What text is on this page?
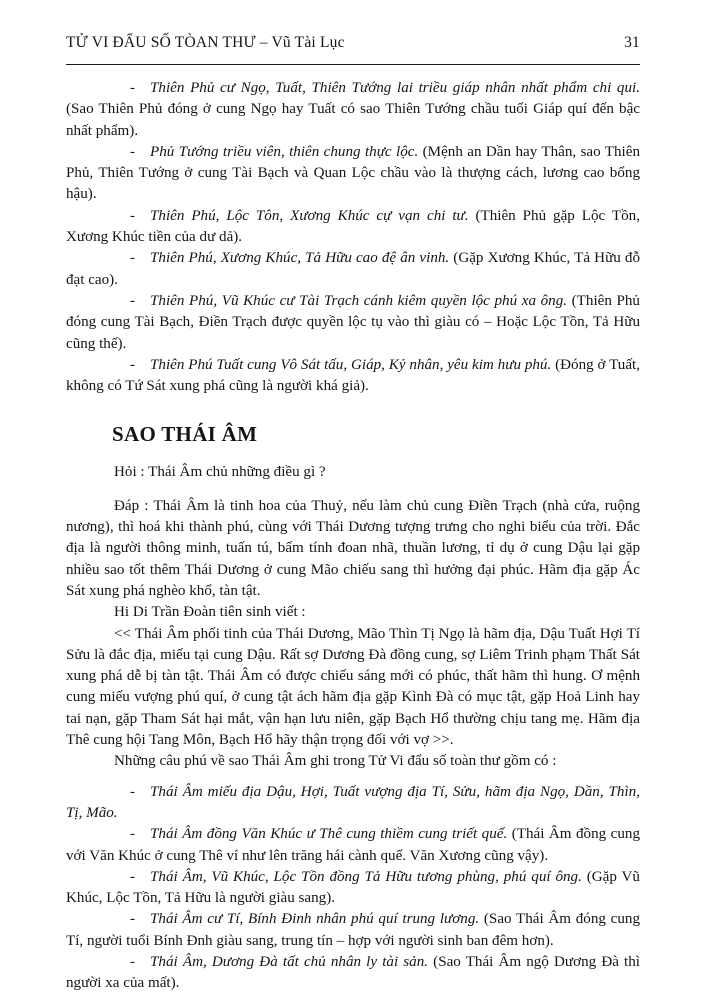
TỬ VI ĐẨU SỐ TÒAN THƯ – Vũ Tài Lục	31

- Thiên Phủ cư Ngọ, Tuất, Thiên Tướng lai triều giáp nhân nhất phẩm chi qui. (Sao Thiên Phủ đóng ở cung Ngọ hay Tuất có sao Thiên Tướng chầu tuổi Giáp quí đến bậc nhất phẩm).

- Phủ Tướng triều viên, thiên chung thực lộc. (Mệnh an Dần hay Thân, sao Thiên Phủ, Thiên Tướng ở cung Tài Bạch và Quan Lộc chầu vào là thượng cách, lương cao bổng hậu).

- Thiên Phú, Lộc Tôn, Xương Khúc cự vạn chi tư. (Thiên Phủ gặp Lộc Tồn, Xương Khúc tiền của dư dả).

- Thiên Phú, Xương Khúc, Tả Hữu cao đệ ân vinh. (Gặp Xương Khúc, Tả Hữu đỗ đạt cao).

- Thiên Phú, Vũ Khúc cư Tài Trạch cánh kiêm quyền lộc phú xa ông. (Thiên Phủ đóng cung Tài Bạch, Điền Trạch được quyền lộc tụ vào thì giàu có – Hoặc Lộc Tồn, Tả Hữu cũng thế).

- Thiên Phú Tuất cung Vô Sát tấu, Giáp, Kỷ nhân, yêu kim hưu phú. (Đóng ở Tuất, không có Tứ Sát xung phá cũng là người khá giả).

SAO THÁI ÂM

Hỏi : Thái Âm chủ những điều gì ?

Đáp : Thái Âm là tinh hoa của Thuỷ, nếu làm chủ cung Điền Trạch (nhà cửa, ruộng nương), thì hoá khi thành phú, cùng với Thái Dương tượng trưng cho nghi biểu của trời. Đắc địa là người thông minh, tuấn tú, bẩm tính đoan nhã, thuần lương, tỉ dụ ở cung Dậu lại gặp nhiều sao tốt thêm Thái Dương ở cung Mão chiếu sang thì hưởng đại phúc. Hãm địa gặp Ác Sát xung phá nghèo khổ, tàn tật.

Hi Di Trần Đoàn tiên sinh viết :

<< Thái Âm phối tinh của Thái Dương, Mão Thìn Tị Ngọ là hãm địa, Dậu Tuất Hợi Tí Sửu là đắc địa, miếu tại cung Dậu. Rất sợ Dương Đà đồng cung, sợ Liêm Trinh phạm Thất Sát xung phá dễ bị tàn tật. Thái Âm có được chiếu sáng mới có phúc, thất hãm thì hung. Ơ mệnh cung miếu vượng phú quí, ở cung tật ách hãm địa gặp Kình Đà có mục tật, gặp Hoả Linh hay tai nạn, gặp Tham Sát hại mắt, vận hạn lưu niên, gặp Bạch Hổ thường chịu tang mẹ. Hãm địa Thê cung hội Tang Môn, Bạch Hổ hãy thận trọng đối với vợ >>.

Những câu phú về sao Thái Âm ghi trong Tử Vi đẩu số toàn thư gồm có :

- Thái Âm miếu địa Dậu, Hợi, Tuất vượng địa Tí, Sửu, hãm địa Ngọ, Dần, Thìn, Tị, Mão.

- Thái Âm đồng Văn Khúc ư Thê cung thiềm cung triết quế. (Thái Âm đồng cung với Văn Khúc ở cung Thê ví như lên trăng hái cành quế. Văn Xương cũng vậy).

- Thái Âm, Vũ Khúc, Lộc Tồn đồng Tả Hữu tương phùng, phú quí ông. (Gặp Vũ Khúc, Lộc Tồn, Tả Hữu là người giàu sang).

- Thái Âm cư Tí, Bính Đinh nhân phú quí trung lương. (Sao Thái Âm đóng cung Tí, người tuổi Bính Đnh giàu sang, trung tín – hợp với người sinh ban đêm hơn).

- Thái Âm, Dương Đà tất chủ nhân ly tài sản. (Sao Thái Âm ngộ Dương Đà thì người xa của mất).
